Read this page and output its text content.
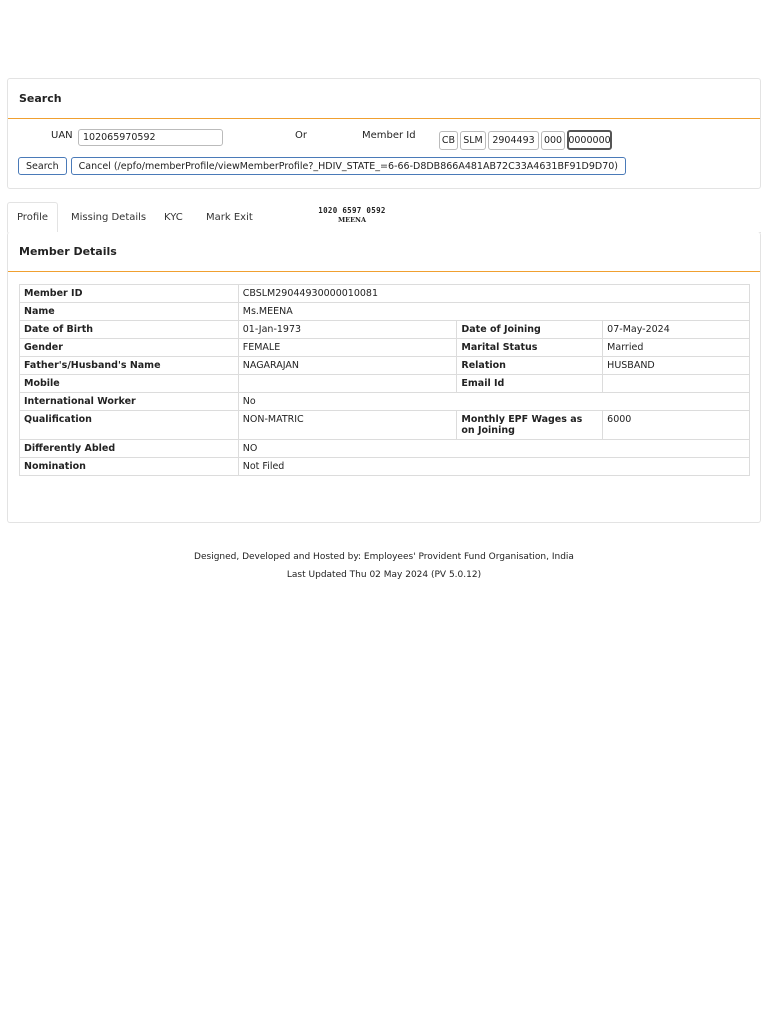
Search
UAN	102065970592	Or	Member Id	CB SLM	2904493 000 0000000
Search	Cancel (/epfo/memberProfile/viewMemberProfile?_HDIV_STATE_=6-66-D8DB866A481AB72C33A4631BF91D9D70)
Profile	Missing Details	KYC	Mark Exit
1020 6597 0592
MEENA
Member Details
Member ID	CBSLM29044930000010081		
Name	Ms.MEENA		
Date of Birth	01-Jan-1973	Date of Joining	07-May-2024
Gender	FEMALE	Marital Status	Married
Father's/Husband's Name	NAGARAJAN	Relation	HUSBAND
Mobile		Email Id	
International Worker	No		
Qualification	NON-MATRIC	Monthly EPF Wages as on Joining	6000
Differently Abled	NO		
Nomination	Not Filed		
Designed, Developed and Hosted by: Employees' Provident Fund Organisation, India
Last Updated Thu 02 May 2024 (PV 5.0.12)
